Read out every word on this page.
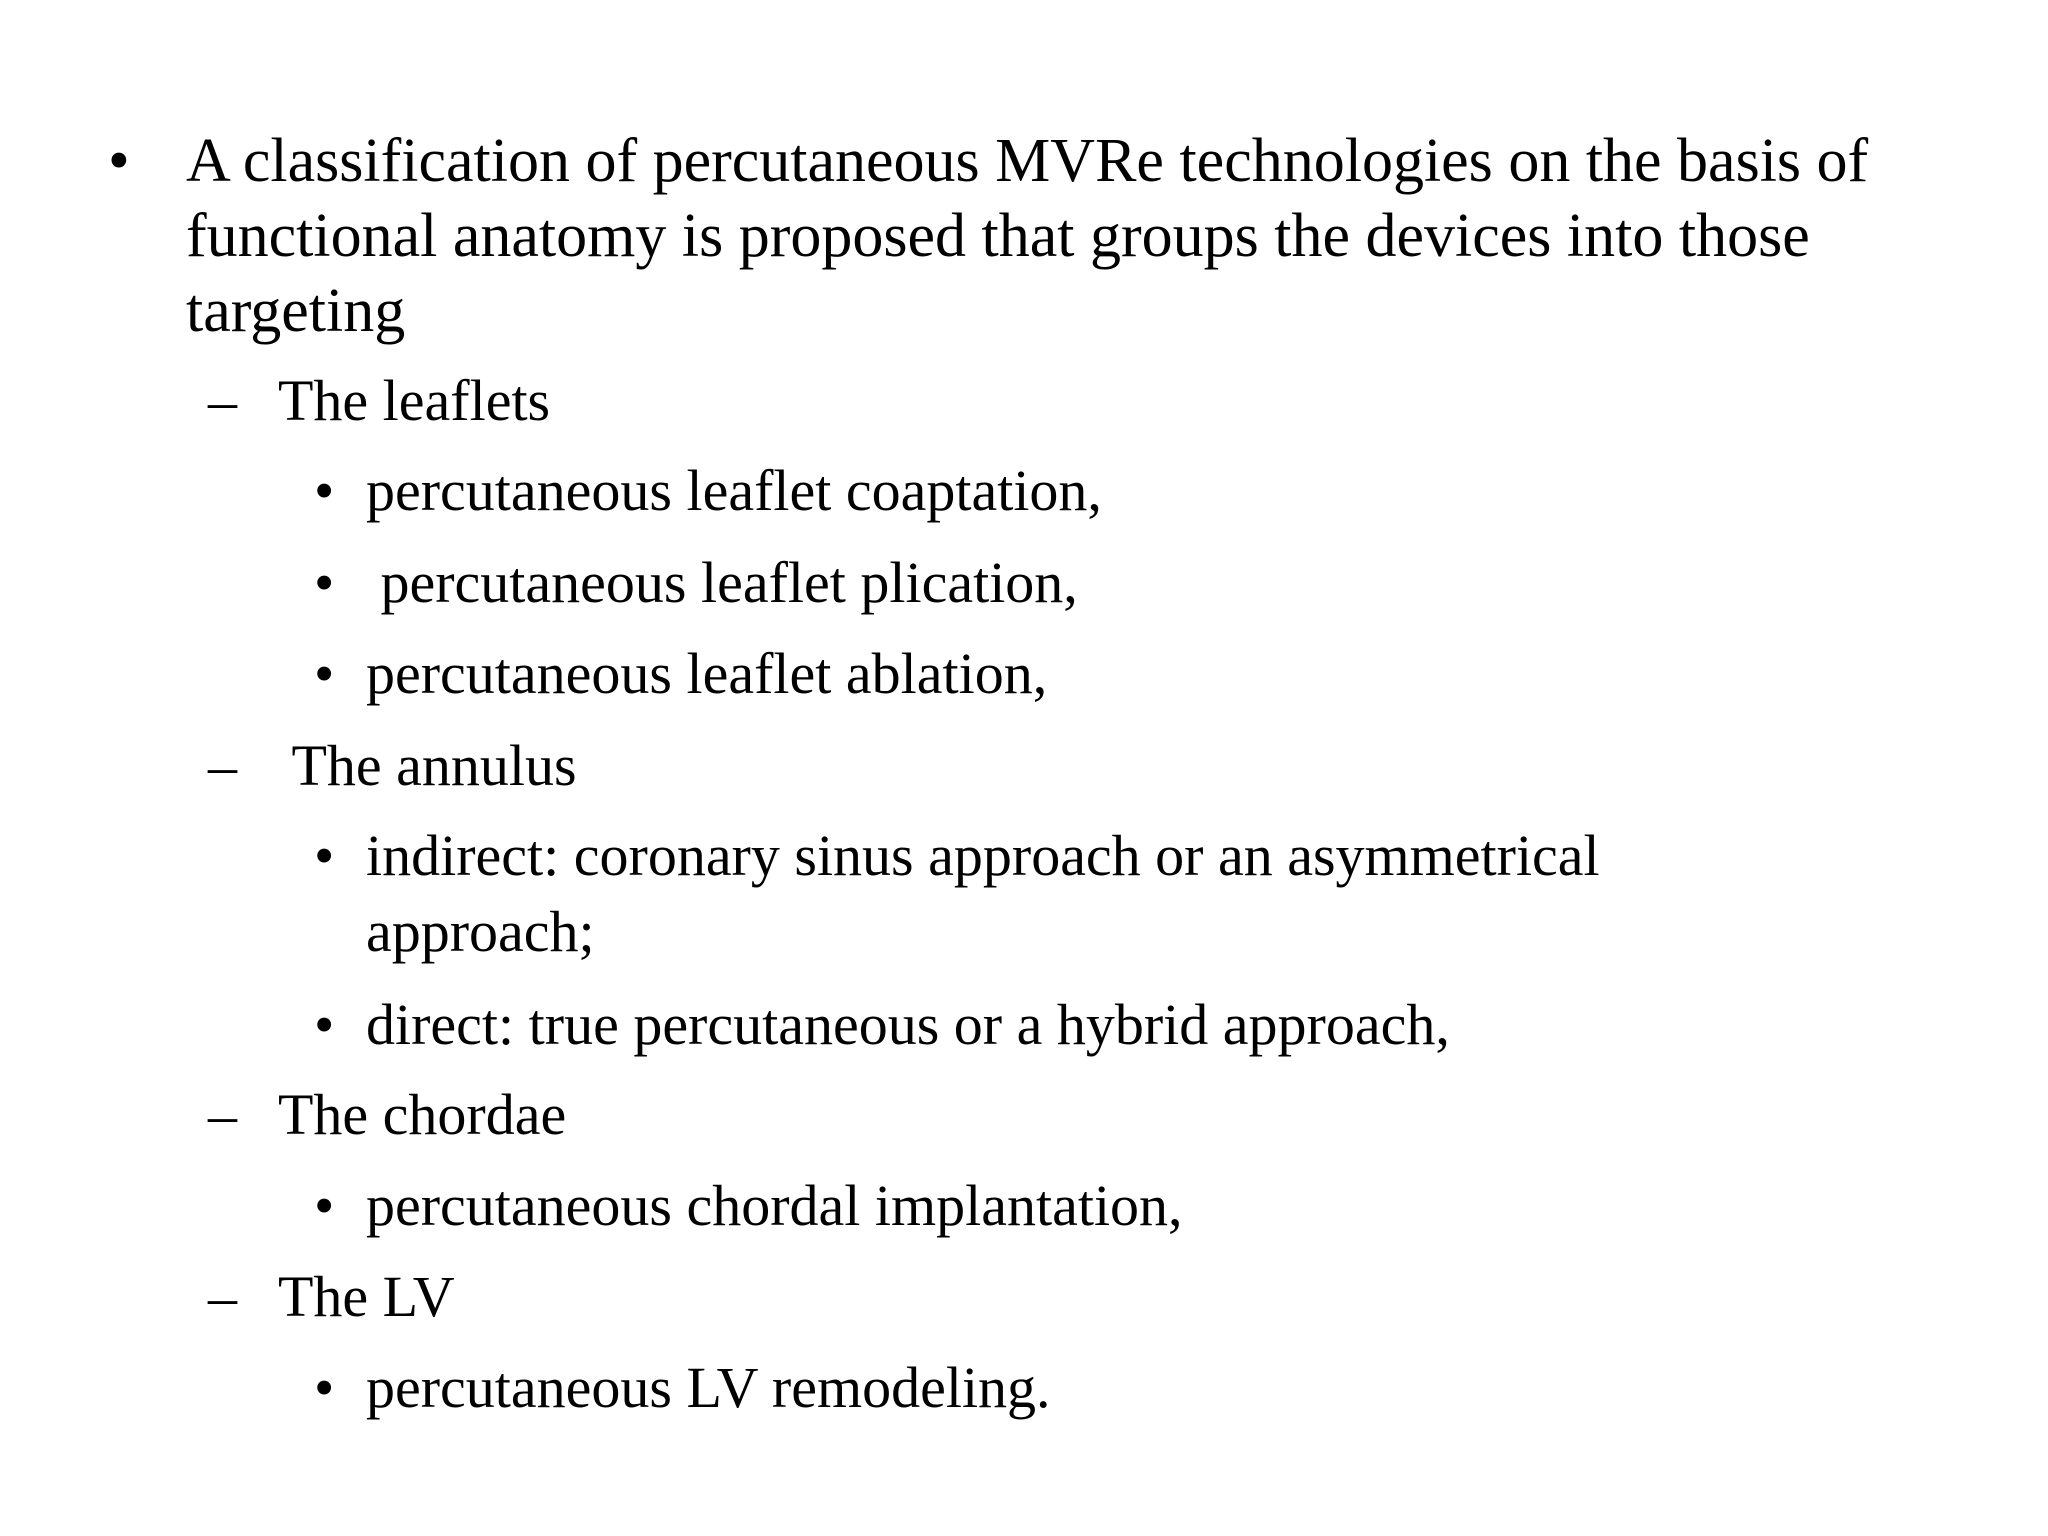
• A classification of percutaneous MVRe technologies on the basis of
functional anatomy is proposed that groups the devices into those
targeting
– The leaflets
• percutaneous leaflet coaptation,
• percutaneous leaflet plication,
• percutaneous leaflet ablation,
– The annulus
• indirect: coronary sinus approach or an asymmetrical
approach;
• direct: true percutaneous or a hybrid approach,
– The chordae
• percutaneous chordal implantation,
– The LV
• percutaneous LV remodeling.
